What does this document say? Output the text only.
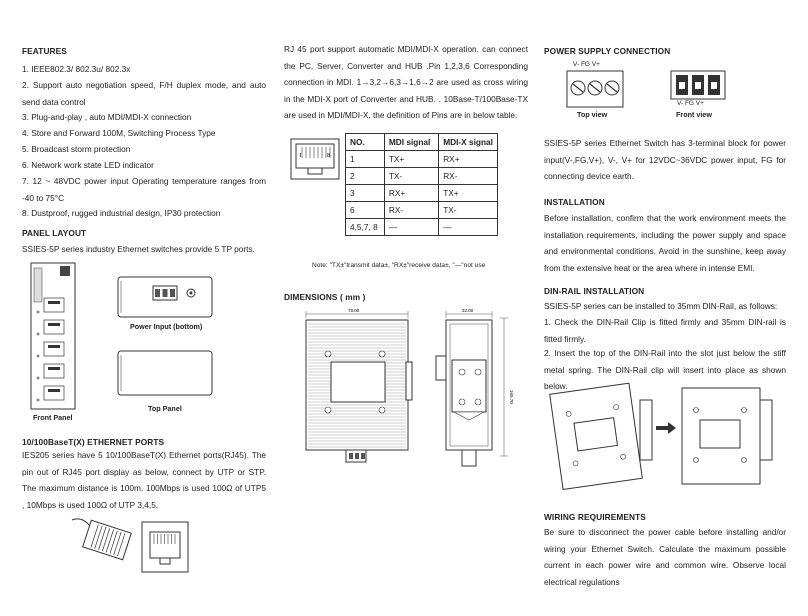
FEATURES
1. IEEE802.3/ 802.3u/ 802.3x
2. Support auto negotiation speed, F/H duplex mode, and auto send data control
3. Plug-and-play , auto MDI/MDI-X connection
4. Store and Forward 100M, Switching Process Type
5. Broadcast storm protection
6. Network work state LED indicator
7. 12 ~ 48VDC power input Operating temperature ranges from -40 to 75°C
8. Dustproof, rugged industrial design, IP30 protection
PANEL LAYOUT
SSIES-5P series industry Ethernet switches provide 5 TP ports.
Front Panel
Power Input (bottom)
Top Panel
10/100BaseT(X) ETHERNET PORTS
IES205 series have 5 10/100BaseT(X) Ethernet ports(RJ45). The pin out of RJ45 port display as below, connect by UTP or STP. The maximum distance is 100m. 100Mbps is used 100Ω of UTP5 , 10Mbps is used 100Ω of UTP 3,4,5.
RJ 45 port support automatic MDI/MDI-X operation. can connect the PC, Server, Converter and HUB .Pin 1,2,3,6 Corresponding connection in MDI. 1→3,2→6,3→1,6→2 are used as cross wiring in the MDI-X port of Converter and HUB. . 10Base-T/100Base-TX are used in MDI/MDI-X, the definition of Pins are in below table.
1	8
NO.	MDI signal	MDI-X signal
1	TX+	RX+
2	TX-	RX-
3	RX+	TX+
6	RX-	TX-
4,5,7, 8	—	—
Note: "TX±"transmit data±, "RX±"receive data±, "—"not use
DIMENSIONS ( mm )
78.00	32.00
165.70
POWER SUPPLY CONNECTION
V- FG V+
Top view
V- FG V+
Front view
SSIES-5P series Ethernet Switch has 3-terminal block for power input(V-,FG,V+), V-, V+ for 12VDC~36VDC power input, FG for connecting device earth.
INSTALLATION
Before installation, confirm that the work environment meets the installation requirements, including the power supply and space and environmental conditions. Avoid in the sunshine, keep away from the extensive heat or the area where in intense EMI.
DIN-RAIL INSTALLATION
SSIES-5P series can be installed to 35mm DIN-Rail, as follows:
1. Check the DIN-Rail Clip is fitted firmly and 35mm DIN-rail is fitted firmly.
2. Insert the top of the DIN-Rail into the slot just below the stiff metal spring. The DIN-Rail clip will insert into place as shown below.
WIRING REQUIREMENTS
Be sure to disconnect the power cable before installing and/or wiring your Ethernet Switch. Calculate the maximum possible current in each power wire and common wire. Observe local electrical regulations
